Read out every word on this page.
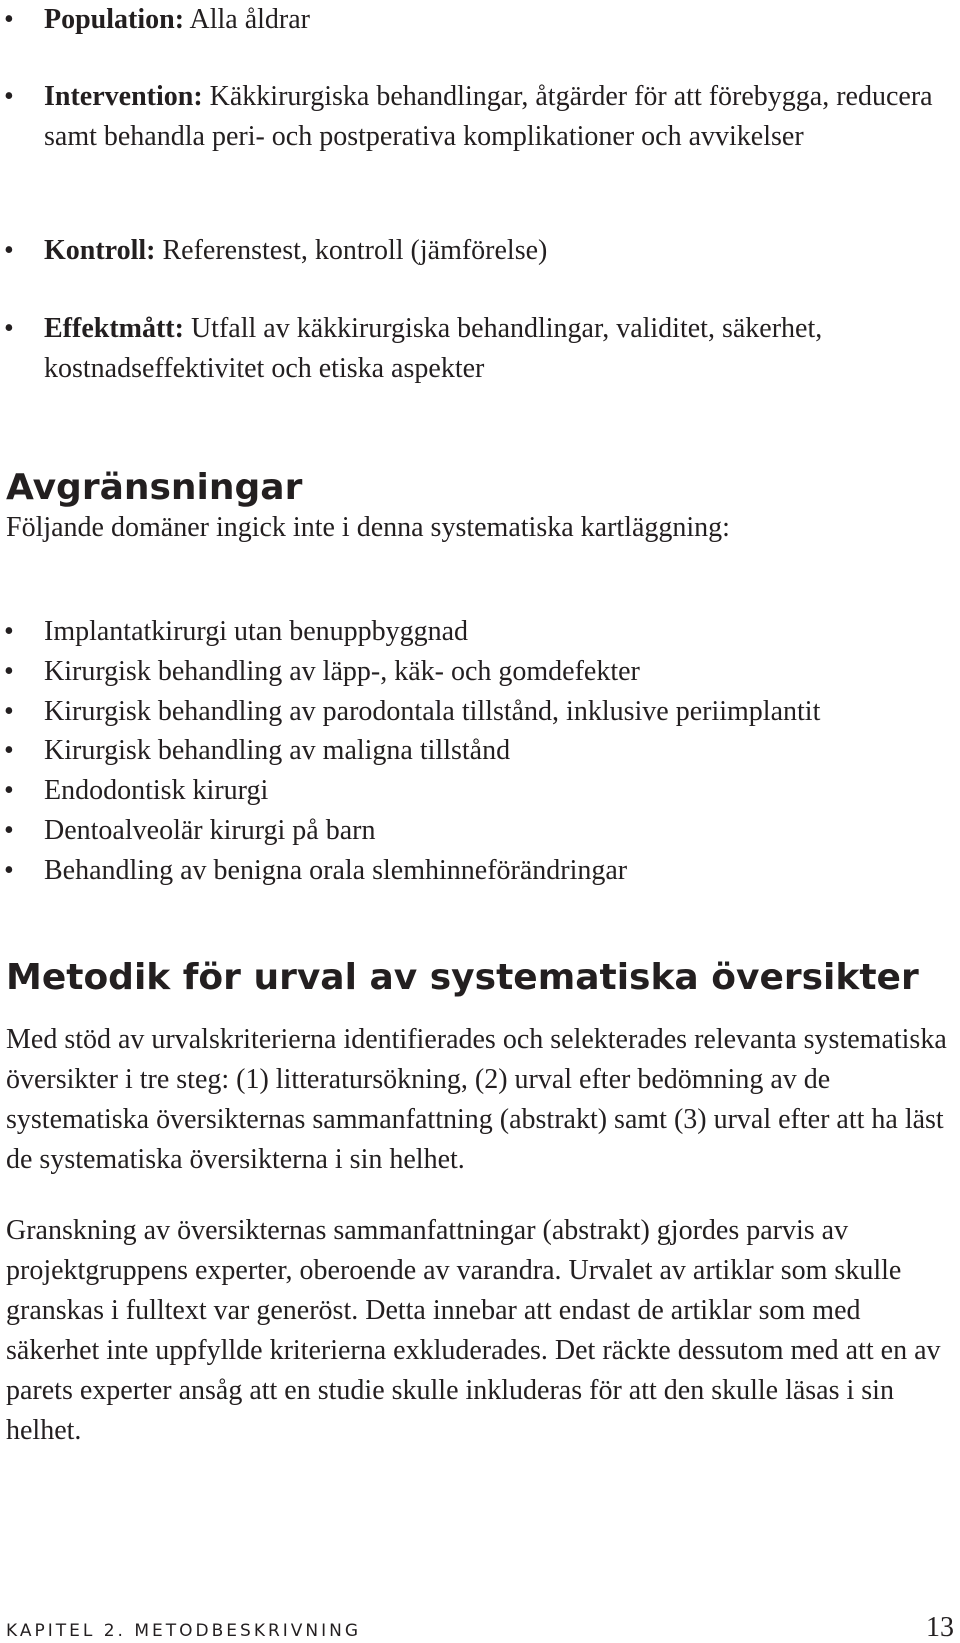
• Population: Alla åldrar
• Intervention: Käkkirurgiska behandlingar, åtgärder för att förebygga, reducera samt behandla peri- och postperativa komplikationer och avvikelser
• Kontroll: Referenstest, kontroll (jämförelse)
• Effektmått: Utfall av käkkirurgiska behandlingar, validitet, säkerhet, kostnadseffektivitet och etiska aspekter
Avgränsningar

Följande domäner ingick inte i denna systematiska kartläggning:

• Implantatkirurgi utan benuppbyggnad
• Kirurgisk behandling av läpp-, käk- och gomdefekter
• Kirurgisk behandling av parodontala tillstånd, inklusive periimplantit
• Kirurgisk behandling av maligna tillstånd
• Endodontisk kirurgi
• Dentoalveolär kirurgi på barn
• Behandling av benigna orala slemhinneförändringar
Metodik för urval av systematiska översikter

Med stöd av urvalskriterierna identifierades och selekterades relevanta systematiska översikter i tre steg: (1) litteratursökning, (2) urval efter bedömning av de systematiska översikternas sammanfattning (abstrakt) samt (3) urval efter att ha läst de systematiska översikterna i sin helhet.

Granskning av översikternas sammanfattningar (abstrakt) gjordes parvis av projektgruppens experter, oberoende av varandra. Urvalet av artiklar som skulle granskas i fulltext var generöst. Detta innebar att endast de artiklar som med säkerhet inte uppfyllde kriterierna exkluderades. Det räckte dessutom med att en av parets experter ansåg att en studie skulle inkluderas för att den skulle läsas i sin helhet.

KAPITEL 2. METODBESKRIVNING	13
